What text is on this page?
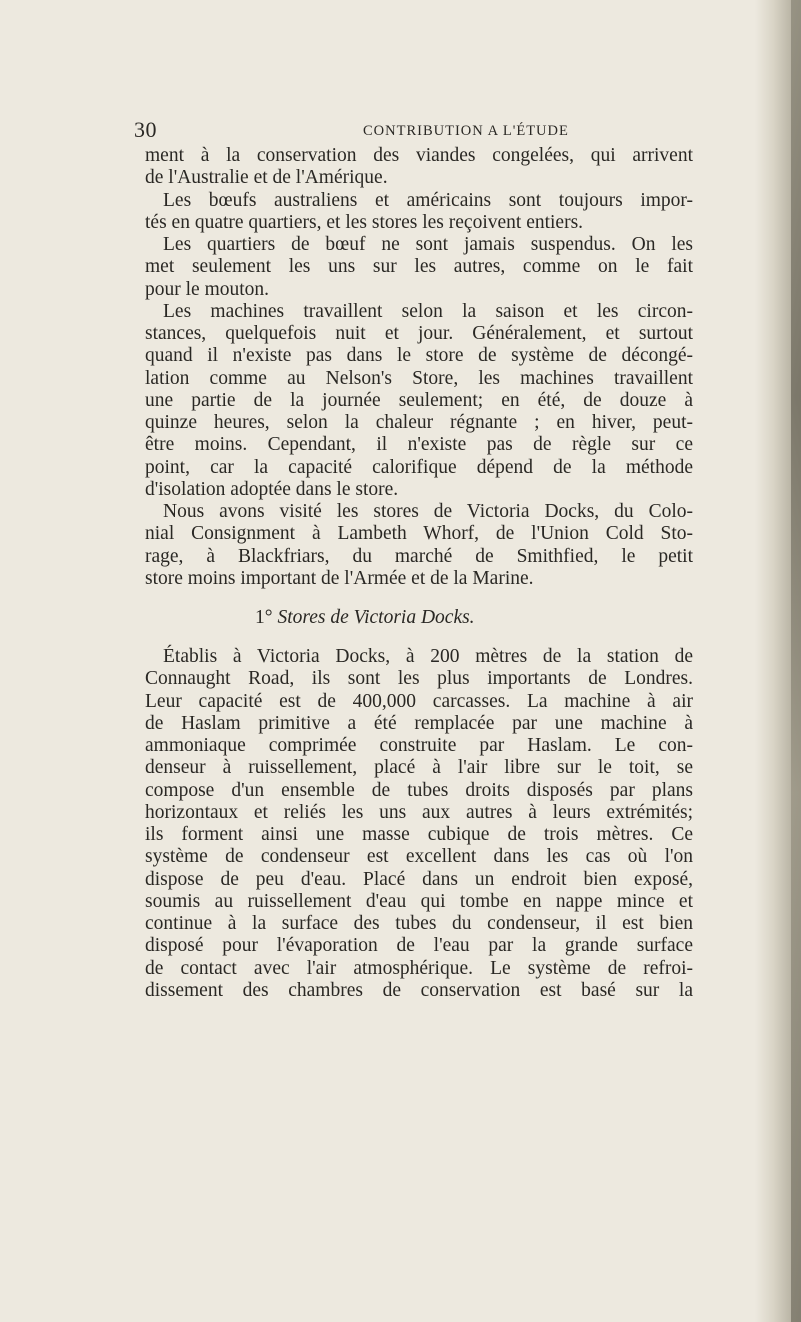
30	CONTRIBUTION A L'ÉTUDE
ment à la conservation des viandes congelées, qui arrivent
de l'Australie et de l'Amérique.
Les bœufs australiens et américains sont toujours impor-
tés en quatre quartiers, et les stores les reçoivent entiers.
Les quartiers de bœuf ne sont jamais suspendus. On les
met seulement les uns sur les autres, comme on le fait
pour le mouton.
Les machines travaillent selon la saison et les circon-
stances, quelquefois nuit et jour. Généralement, et surtout
quand il n'existe pas dans le store de système de décongé-
lation comme au Nelson's Store, les machines travaillent
une partie de la journée seulement; en été, de douze à
quinze heures, selon la chaleur régnante ; en hiver, peut-
être moins. Cependant, il n'existe pas de règle sur ce
point, car la capacité calorifique dépend de la méthode
d'isolation adoptée dans le store.
Nous avons visité les stores de Victoria Docks, du Colo-
nial Consignment à Lambeth Whorf, de l'Union Cold Sto-
rage, à Blackfriars, du marché de Smithfied, le petit
store moins important de l'Armée et de la Marine.
1° Stores de Victoria Docks.
Établis à Victoria Docks, à 200 mètres de la station de
Connaught Road, ils sont les plus importants de Londres.
Leur capacité est de 400,000 carcasses. La machine à air
de Haslam primitive a été remplacée par une machine à
ammoniaque comprimée construite par Haslam. Le con-
denseur à ruissellement, placé à l'air libre sur le toit, se
compose d'un ensemble de tubes droits disposés par plans
horizontaux et reliés les uns aux autres à leurs extrémités;
ils forment ainsi une masse cubique de trois mètres. Ce
système de condenseur est excellent dans les cas où l'on
dispose de peu d'eau. Placé dans un endroit bien exposé,
soumis au ruissellement d'eau qui tombe en nappe mince et
continue à la surface des tubes du condenseur, il est bien
disposé pour l'évaporation de l'eau par la grande surface
de contact avec l'air atmosphérique. Le système de refroi-
dissement des chambres de conservation est basé sur la
